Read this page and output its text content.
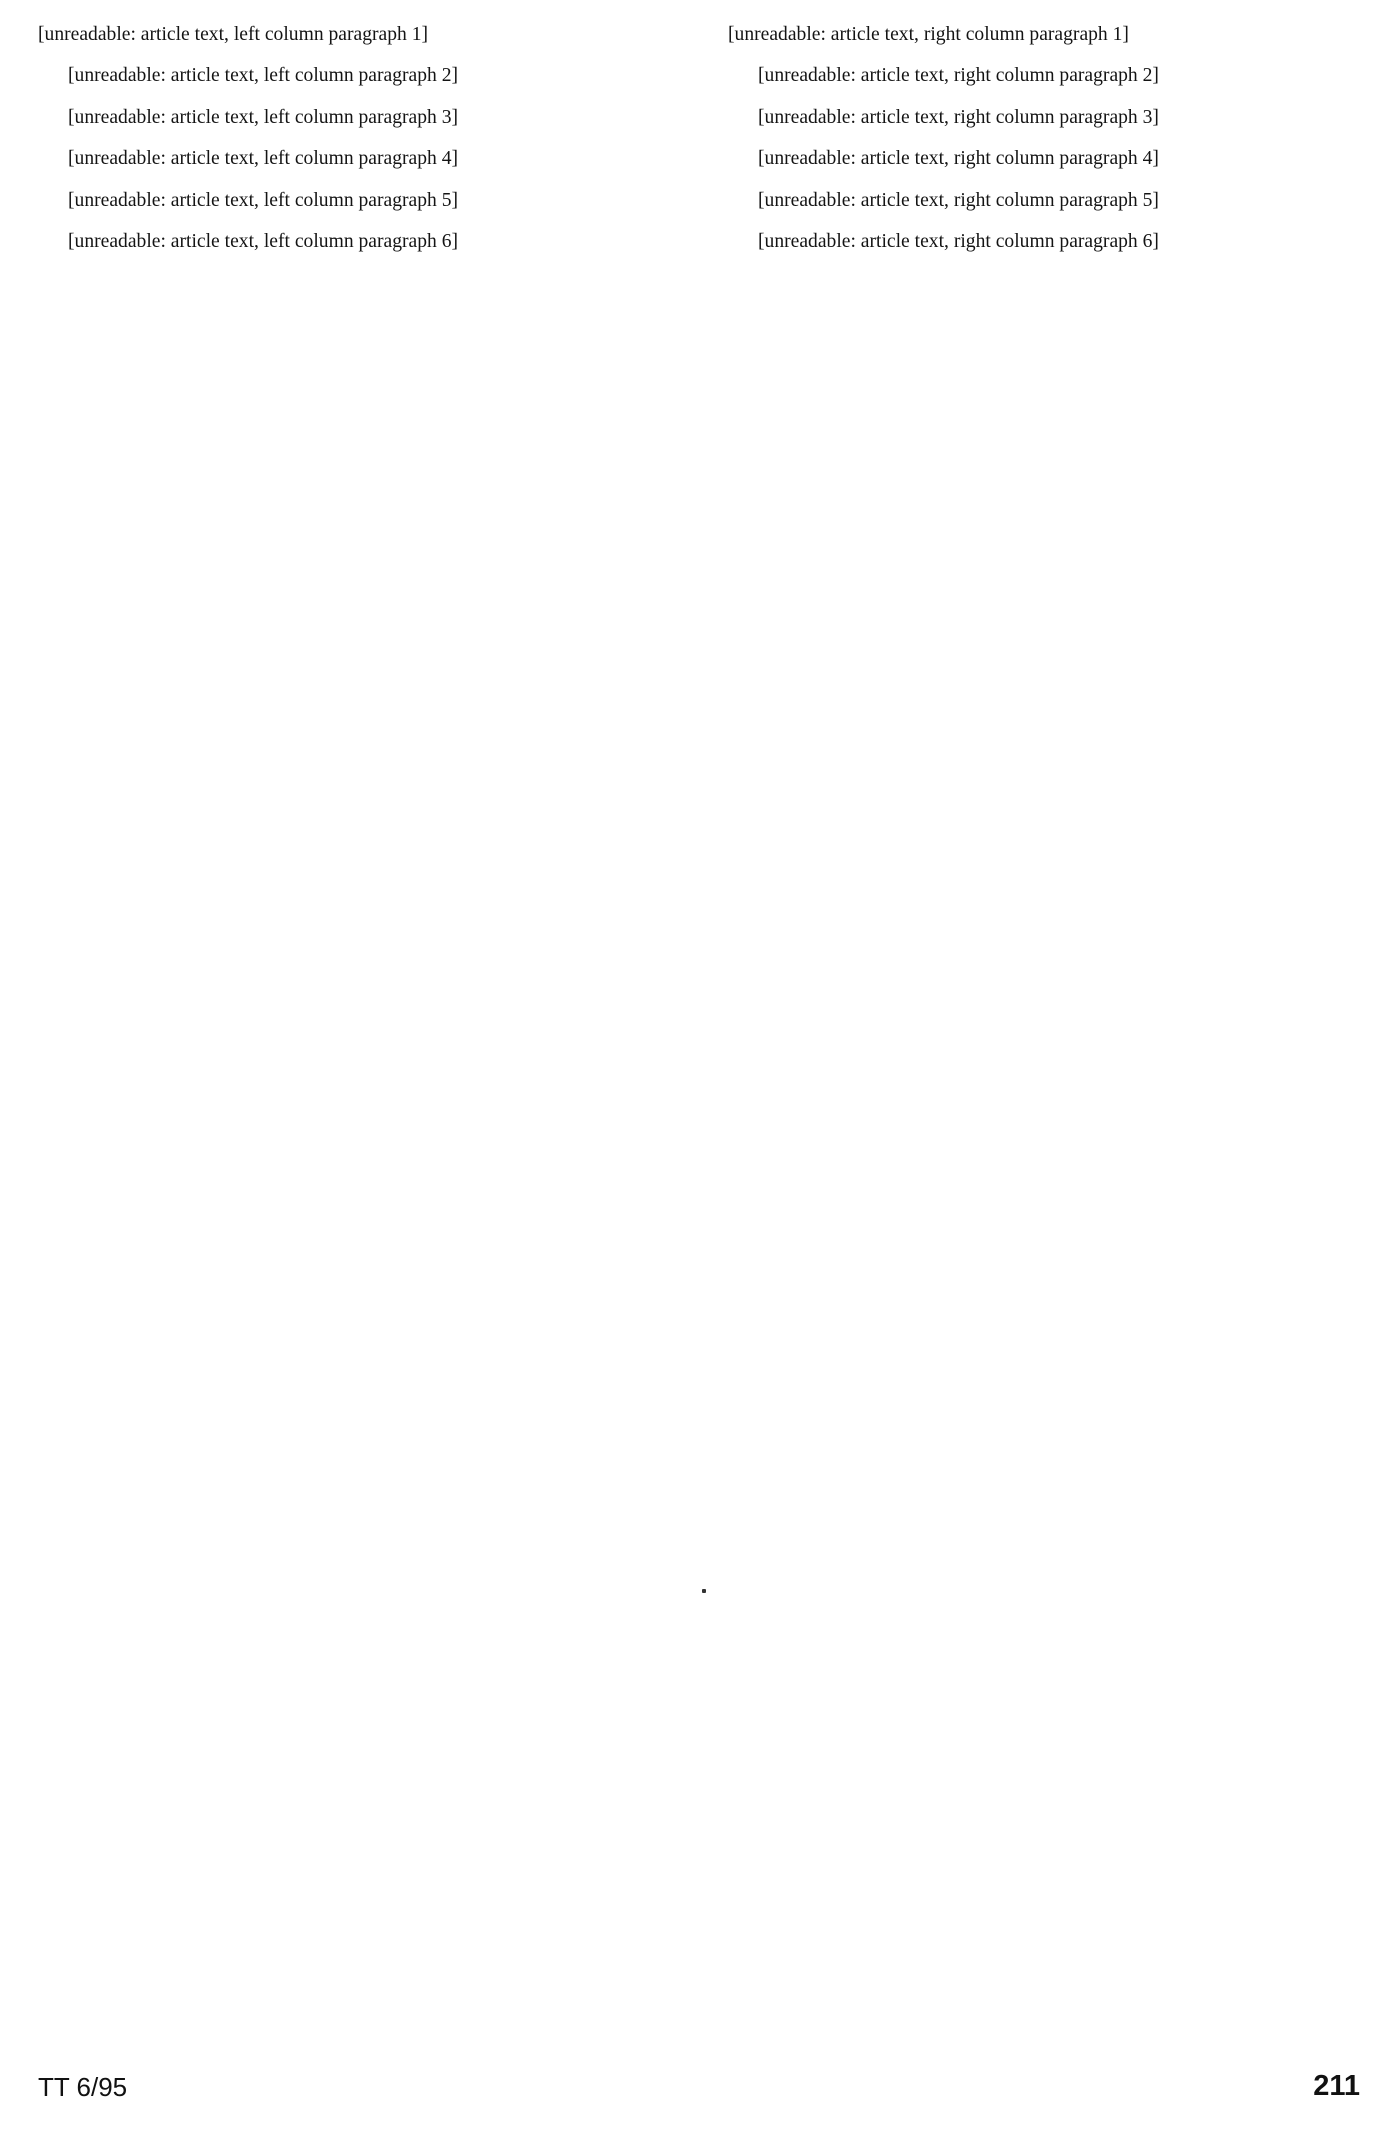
[unreadable: article text, left column paragraph 1]

[unreadable: article text, left column paragraph 2]

[unreadable: article text, left column paragraph 3]

[unreadable: article text, left column paragraph 4]

[unreadable: article text, left column paragraph 5]

[unreadable: article text, left column paragraph 6]

[unreadable: article text, right column paragraph 1]

[unreadable: article text, right column paragraph 2]

[unreadable: article text, right column paragraph 3]

[unreadable: article text, right column paragraph 4]

[unreadable: article text, right column paragraph 5]

[unreadable: article text, right column paragraph 6]

TT 6/95	211
